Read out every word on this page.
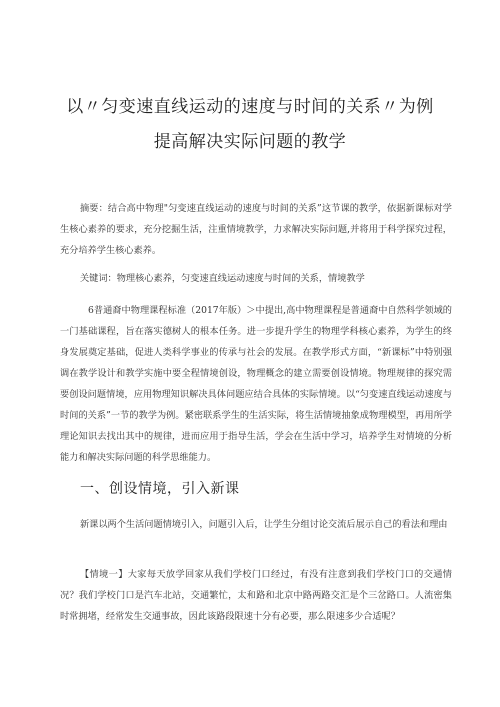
以〃匀变速直线运动的速度与时间的关系〃为例
提高解决实际问题的教学

摘要：结合高中物理"匀变速直线运动的速度与时间的关系”这节课的教学，依据新课标对学生核心素养的要求，充分挖掘生活，注重情境教学，力求解决实际问题,并将用于科学探究过程，充分培养学生核心素养。

关键词：物理核心素养，匀变速直线运动速度与时间的关系，情境教学

6普通裔中物理课程标准（2017年版）＞中提出,高中物理课程是普通裔中自然科学领域的一门基础课程，旨在落实德树人的根本任务。进一步提升学生的物理学科核心素养，为学生的终身发展奠定基础，促进人类科学事业的传承与社会的发展。在教学形式方面，“新课标”中特别强调在教学设计和教学实施中要全程情境创设，物理概念的建立需要创设情境。物理规律的探究需要创设问题情境，应用物理知识解决具体问题应结合具体的实际情境。以“匀变速直线运动速度与时间的关系”一节的教学为例。紧密联系学生的生活实际，将生活情境抽象成物理模型，再用所学理论知识去找出其中的规律，进而应用于指导生活，学会在生活中学习，培养学生对情境的分析能力和解决实际问题的科学思维能力。

一、创设情境，引入新课

新课以两个生活问题情境引入，问题引入后，让学生分组讨论交流后展示自己的看法和理由

【情境一】大家每天放学回家从我们学校门口经过，有没有注意到我们学校门口的交通情况？我们学校门口是汽车北站，交通繁忙，太和路和北京中路两路交汇是个三岔路口。人流密集时常拥堵，经常发生交通事故，因此该路段限速十分有必要，那么限速多少合适呢？
